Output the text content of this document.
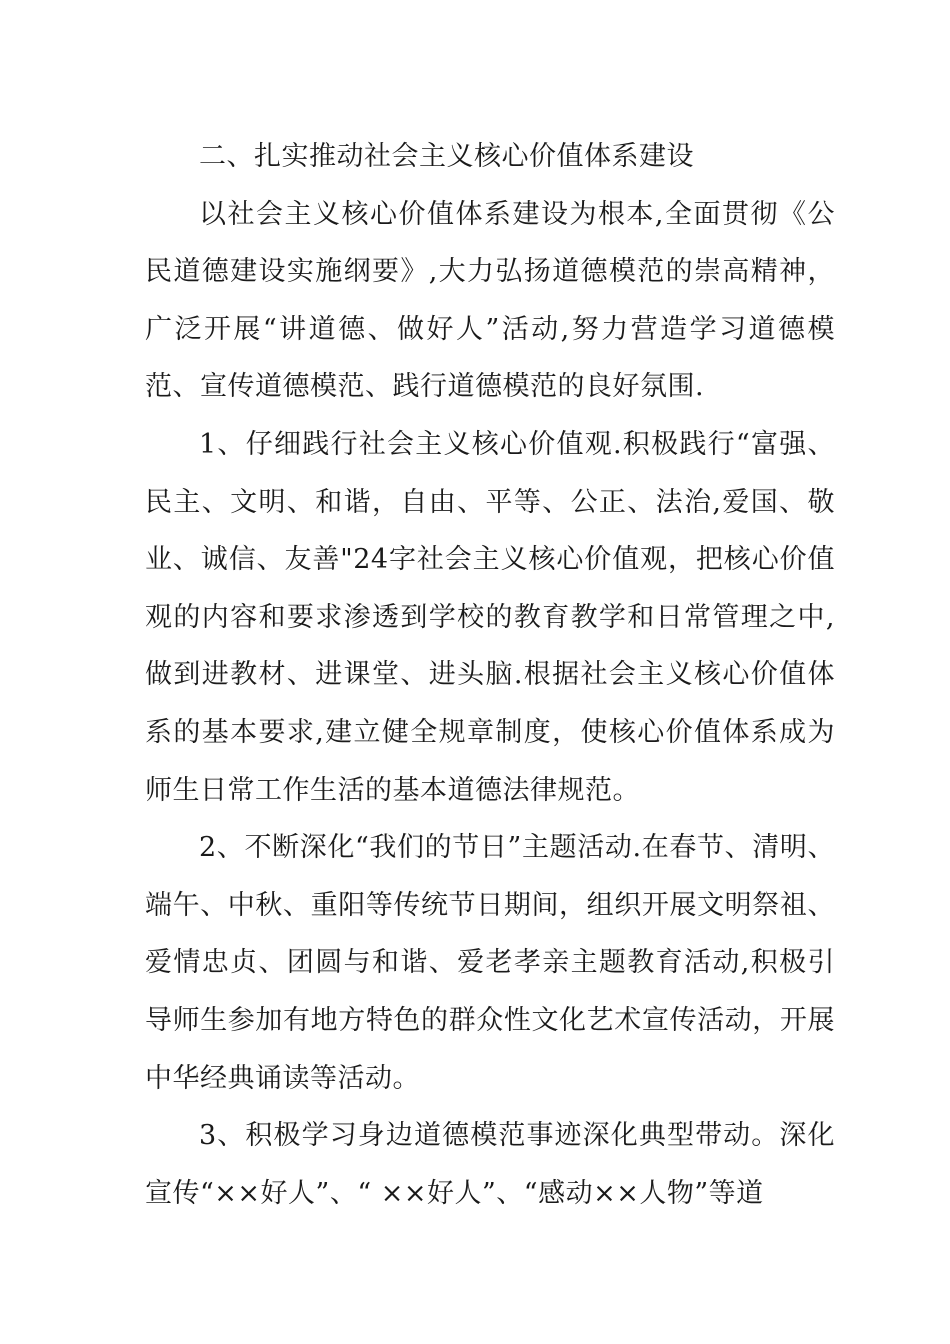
二、扎实推动社会主义核心价值体系建设

以社会主义核心价值体系建设为根本,全面贯彻《公民道德建设实施纲要》,大力弘扬道德模范的崇高精神，广泛开展“讲道德、做好人”活动,努力营造学习道德模范、宣传道德模范、践行道德模范的良好氛围.

1、仔细践行社会主义核心价值观.积极践行“富强、民主、文明、和谐，自由、平等、公正、法治,爱国、敬业、诚信、友善"24字社会主义核心价值观，把核心价值观的内容和要求渗透到学校的教育教学和日常管理之中,做到进教材、进课堂、进头脑.根据社会主义核心价值体系的基本要求,建立健全规章制度，使核心价值体系成为师生日常工作生活的基本道德法律规范。

2、不断深化“我们的节日”主题活动.在春节、清明、端午、中秋、重阳等传统节日期间，组织开展文明祭祖、爱情忠贞、团圆与和谐、爱老孝亲主题教育活动,积极引导师生参加有地方特色的群众性文化艺术宣传活动，开展中华经典诵读等活动。

3、积极学习身边道德模范事迹深化典型带动。深化宣传“××好人”、“ ××好人”、“感动××人物”等道
